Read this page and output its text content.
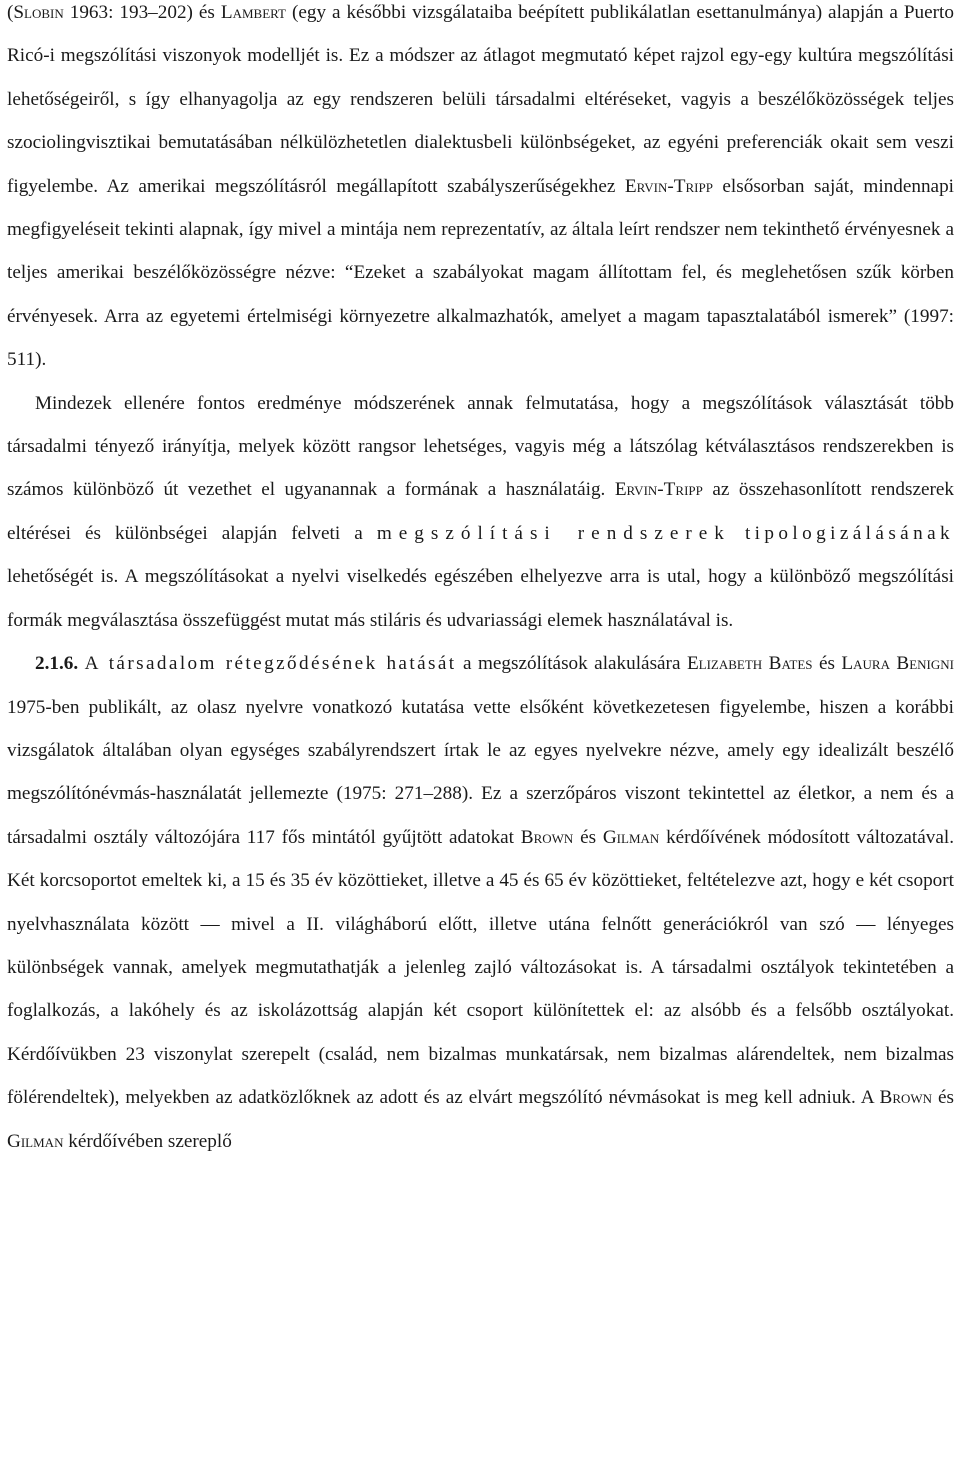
(Slobin 1963: 193–202) és Lambert (egy a későbbi vizsgálataiba beépített publikálatlan esettanulmánya) alapján a Puerto Ricó-i megszólítási viszonyok modelljét is. Ez a módszer az átlagot megmutató képet rajzol egy-egy kultúra megszólítási lehetőségeiről, s így elhanyagolja az egy rendszeren belüli társadalmi eltéréseket, vagyis a beszélőközösségek teljes szociolingvisztikai bemutatásában nélkülözhetetlen dialektusbeli különbségeket, az egyéni preferenciák okait sem veszi figyelembe. Az amerikai megszólításról megállapított szabályszerűségekhez Ervin-Tripp elsősorban saját, mindennapi megfigyeléseit tekinti alapnak, így mivel a mintája nem reprezentatív, az általa leírt rendszer nem tekinthető érvényesnek a teljes amerikai beszélőközösségre nézve: “Ezeket a szabályokat magam állítottam fel, és meglehetősen szűk körben érvényesek. Arra az egyetemi értelmiségi környezetre alkalmazhatók, amelyet a magam tapasztalatából ismerek” (1997: 511).

Mindezek ellenére fontos eredménye módszerének annak felmutatása, hogy a megszólítások választását több társadalmi tényező irányítja, melyek között rangsor lehetséges, vagyis még a látszólag kétválasztásos rendszerekben is számos különböző út vezethet el ugyanannak a formának a használatáig. Ervin-Tripp az összehasonlított rendszerek eltérései és különbségei alapján felveti a megszólítási rendszerek tipologizálásának lehetőségét is. A megszólításokat a nyelvi viselkedés egészében elhelyezve arra is utal, hogy a különböző megszólítási formák megválasztása összefüggést mutat más stiláris és udvariassági elemek használatával is.

2.1.6. A társadalom rétegződésének hatását a megszólítások alakulására Elizabeth Bates és Laura Benigni 1975-ben publikált, az olasz nyelvre vonatkozó kutatása vette elsőként következetesen figyelembe, hiszen a korábbi vizsgálatok általában olyan egységes szabályrendszert írtak le az egyes nyelvekre nézve, amely egy idealizált beszélő megszólítónévmás-használatát jellemezte (1975: 271–288). Ez a szerzőpáros viszont tekintettel az életkor, a nem és a társadalmi osztály változójára 117 fős mintától gyűjtött adatokat Brown és Gilman kérdőívének módosított változatával. Két korcsoportot emeltek ki, a 15 és 35 év közöttieket, illetve a 45 és 65 év közöttieket, feltételezve azt, hogy e két csoport nyelvhasználata között — mivel a II. világháború előtt, illetve utána felnőtt generációkról van szó — lényeges különbségek vannak, amelyek megmutathatják a jelenleg zajló változásokat is. A társadalmi osztályok tekintetében a foglalkozás, a lakóhely és az iskolázottság alapján két csoport különítettek el: az alsóbb és a felsőbb osztályokat. Kérdőívükben 23 viszonylat szerepelt (család, nem bizalmas munkatársak, nem bizalmas alárendeltek, nem bizalmas fölérendeltek), melyekben az adatközlőknek az adott és az elvárt megszólító névmásokat is meg kell adniuk. A Brown és Gilman kérdőívében szereplő
